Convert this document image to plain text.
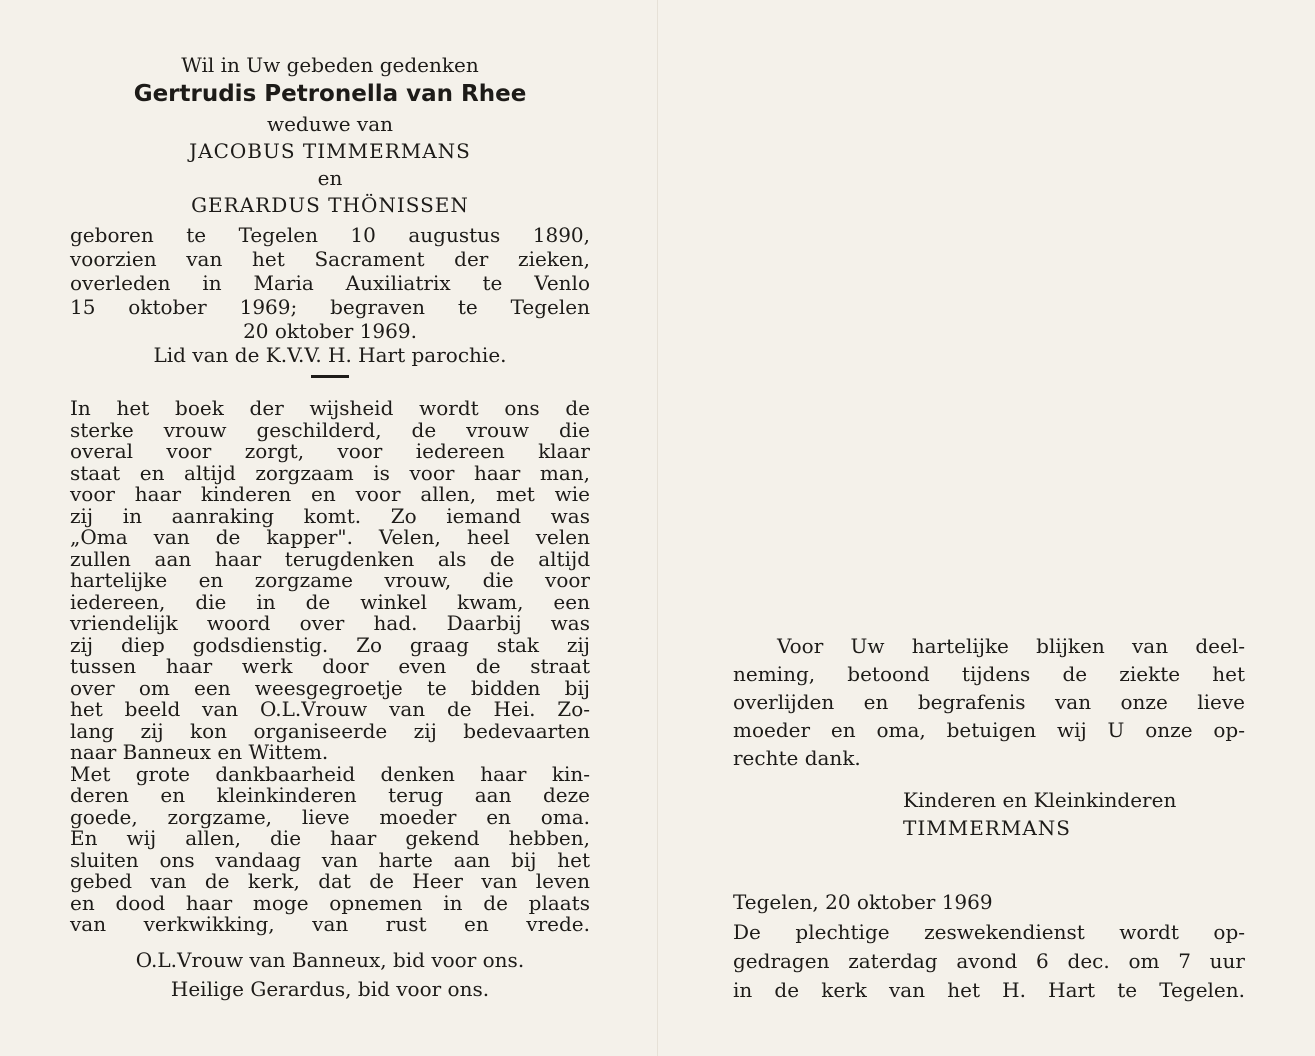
Wil in Uw gebeden gedenken
Gertrudis Petronella van Rhee
weduwe van
JACOBUS TIMMERMANS
en
GERARDUS THÖNISSEN
geboren te Tegelen 10 augustus 1890,
voorzien van het Sacrament der zieken,
overleden in Maria Auxiliatrix te Venlo
15 oktober 1969; begraven te Tegelen
20 oktober 1969.
Lid van de K.V.V. H. Hart parochie.
In het boek der wijsheid wordt ons de
sterke vrouw geschilderd, de vrouw die
overal voor zorgt, voor iedereen klaar
staat en altijd zorgzaam is voor haar man,
voor haar kinderen en voor allen, met wie
zij in aanraking komt. Zo iemand was
„Oma van de kapper". Velen, heel velen
zullen aan haar terugdenken als de altijd
hartelijke en zorgzame vrouw, die voor
iedereen, die in de winkel kwam, een
vriendelijk woord over had. Daarbij was
zij diep godsdienstig. Zo graag stak zij
tussen haar werk door even de straat
over om een weesgegroetje te bidden bij
het beeld van O.L.Vrouw van de Hei. Zo-
lang zij kon organiseerde zij bedevaarten
naar Banneux en Wittem.
Met grote dankbaarheid denken haar kin-
deren en kleinkinderen terug aan deze
goede, zorgzame, lieve moeder en oma.
En wij allen, die haar gekend hebben,
sluiten ons vandaag van harte aan bij het
gebed van de kerk, dat de Heer van leven
en dood haar moge opnemen in de plaats
van verkwikking, van rust en vrede.
O.L.Vrouw van Banneux, bid voor ons.
Heilige Gerardus, bid voor ons.
Voor Uw hartelijke blijken van deel-
neming, betoond tijdens de ziekte het
overlijden en begrafenis van onze lieve
moeder en oma, betuigen wij U onze op-
rechte dank.
Kinderen en Kleinkinderen
TIMMERMANS
Tegelen, 20 oktober 1969
De plechtige zeswekendienst wordt op-
gedragen zaterdag avond 6 dec. om 7 uur
in de kerk van het H. Hart te Tegelen.
